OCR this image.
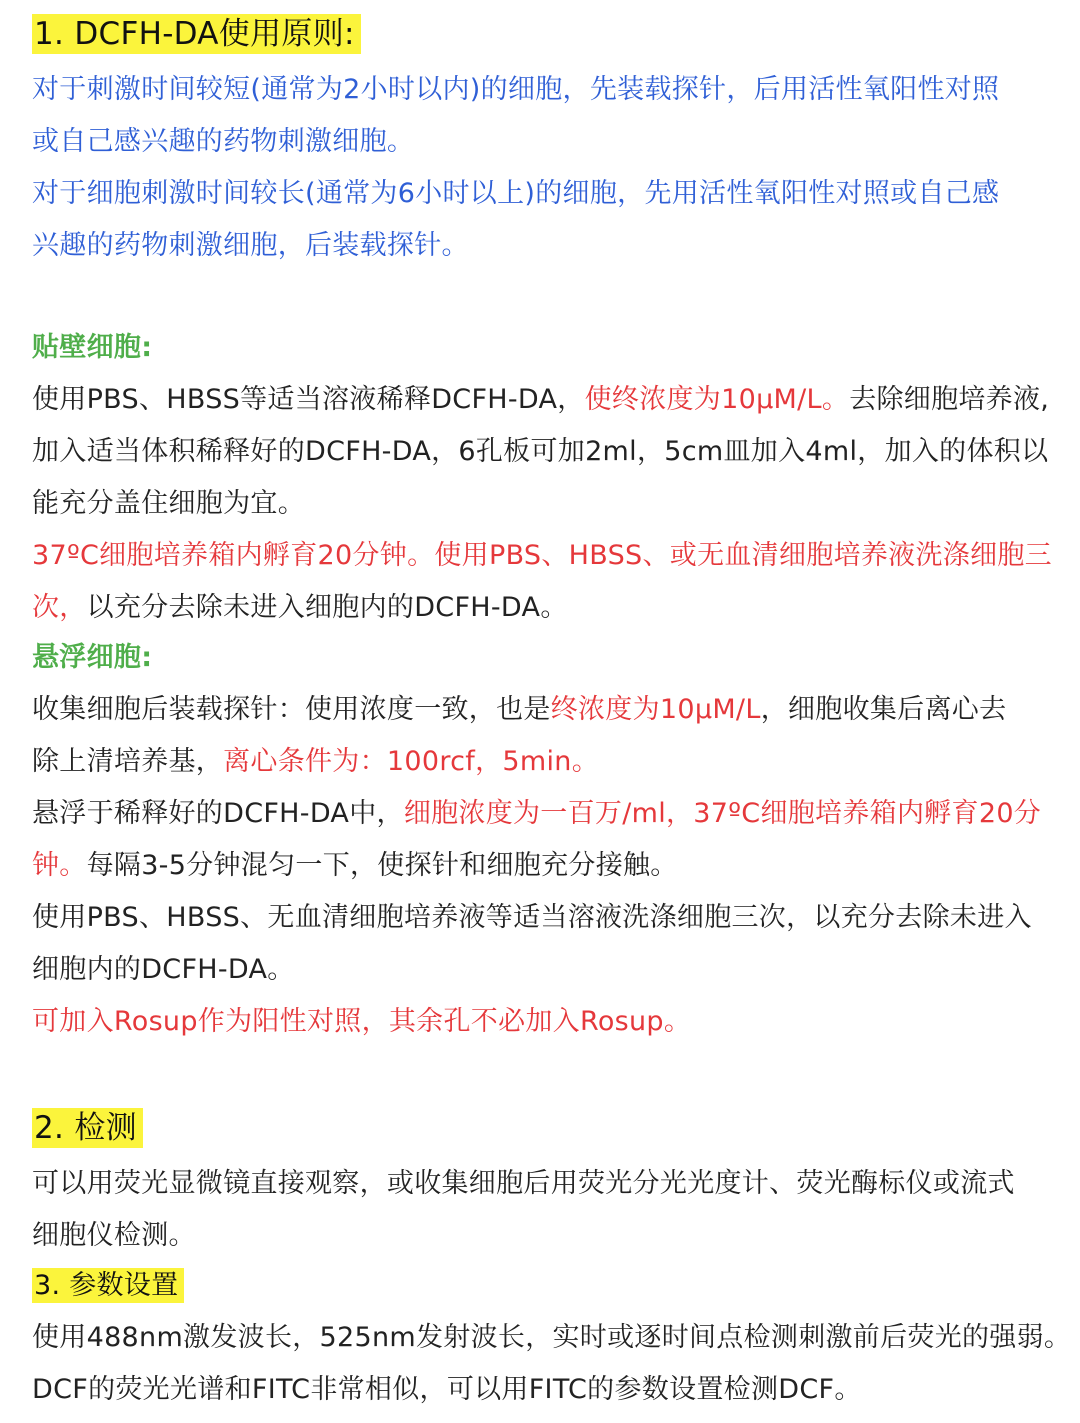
1. DCFH-DA使用原则:
对于刺激时间较短(通常为2小时以内)的细胞，先装载探针，后用活性氧阳性对照
或自己感兴趣的药物刺激细胞。
对于细胞刺激时间较长(通常为6小时以上)的细胞，先用活性氧阳性对照或自己感
兴趣的药物刺激细胞，后装载探针。
贴壁细胞:
使用PBS、HBSS等适当溶液稀释DCFH-DA，使终浓度为10μM/L。去除细胞培养液,
加入适当体积稀释好的DCFH-DA，6孔板可加2ml，5cm皿加入4ml，加入的体积以
能充分盖住细胞为宜。
37ºC细胞培养箱内孵育20分钟。使用PBS、HBSS、或无血清细胞培养液洗涤细胞三
次，以充分去除未进入细胞内的DCFH-DA。
悬浮细胞:
收集细胞后装载探针：使用浓度一致，也是终浓度为10μM/L，细胞收集后离心去
除上清培养基，离心条件为：100rcf，5min。
悬浮于稀释好的DCFH-DA中，细胞浓度为一百万/ml，37ºC细胞培养箱内孵育20分
钟。每隔3-5分钟混匀一下，使探针和细胞充分接触。
使用PBS、HBSS、无血清细胞培养液等适当溶液洗涤细胞三次，以充分去除未进入
细胞内的DCFH-DA。
可加入Rosup作为阳性对照，其余孔不必加入Rosup。
2. 检测
可以用荧光显微镜直接观察，或收集细胞后用荧光分光光度计、荧光酶标仪或流式
细胞仪检测。
3. 参数设置
使用488nm激发波长，525nm发射波长，实时或逐时间点检测刺激前后荧光的强弱。
DCF的荧光光谱和FITC非常相似，可以用FITC的参数设置检测DCF。
